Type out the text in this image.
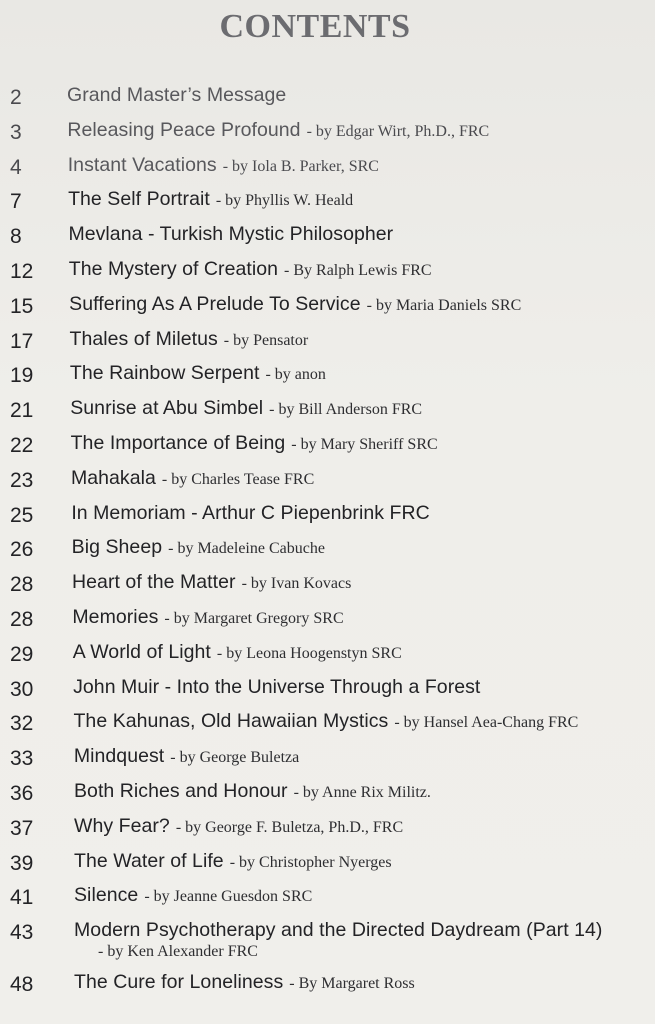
CONTENTS
2	Grand Master’s Message
3	Releasing Peace Profound - by Edgar Wirt, Ph.D., FRC
4	Instant Vacations - by Iola B. Parker, SRC
7	The Self Portrait - by Phyllis W. Heald
8	Mevlana - Turkish Mystic Philosopher
12	The Mystery of Creation - By Ralph Lewis FRC
15	Suffering As A Prelude To Service - by Maria Daniels SRC
17	Thales of Miletus - by Pensator
19	The Rainbow Serpent - by anon
21	Sunrise at Abu Simbel - by Bill Anderson FRC
22	The Importance of Being - by Mary Sheriff SRC
23	Mahakala - by Charles Tease FRC
25	In Memoriam - Arthur C Piepenbrink FRC
26	Big Sheep - by Madeleine Cabuche
28	Heart of the Matter - by Ivan Kovacs
28	Memories - by Margaret Gregory SRC
29	A World of Light - by Leona Hoogenstyn SRC
30	John Muir - Into the Universe Through a Forest
32	The Kahunas, Old Hawaiian Mystics - by Hansel Aea-Chang FRC
33	Mindquest - by George Buletza
36	Both Riches and Honour - by Anne Rix Militz.
37	Why Fear? - by George F. Buletza, Ph.D., FRC
39	The Water of Life - by Christopher Nyerges
41	Silence - by Jeanne Guesdon SRC
43	Modern Psychotherapy and the Directed Daydream (Part 14)
- by Ken Alexander FRC
48	The Cure for Loneliness - By Margaret Ross
